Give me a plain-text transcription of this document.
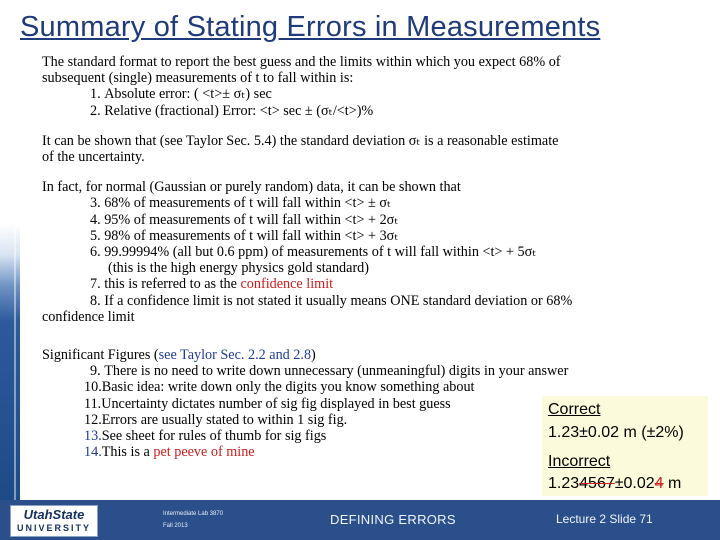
Summary of Stating Errors in Measurements

The standard format to report the best guess and the limits within which you expect 68% of

subsequent (single) measurements of t to fall within is:

1.
Absolute error: ( <t>± σₜ) sec
2.
Relative (fractional) Error: <t> sec ± (σₜ/<t>)%

It can be shown that (see Taylor Sec. 5.4) the standard deviation σₜ is a reasonable estimate

of the uncertainty.

In fact, for normal (Gaussian or purely random) data, it can be shown that

3.
68% of measurements of t will fall within <t> ± σₜ
4.
95% of measurements of t will fall within <t> + 2σₜ
5.
98% of measurements of t will fall within <t> + 3σₜ
6.
99.99994% (all but 0.6 ppm) of measurements of t will fall within <t> + 5σₜ
(this is the high energy physics gold standard)
7.
this is referred to as the confidence limit
8.
If a confidence limit is not stated it usually means ONE standard deviation or 68%

confidence limit

Significant Figures (see Taylor Sec. 2.2 and 2.8)

9.
There is no need to write down unnecessary (unmeaningful) digits in your answer
10. Basic idea: write down only the digits you know something about
11. Uncertainty dictates number of sig fig displayed in best guess
12. Errors are usually stated to within 1 sig fig.
13. See sheet for rules of thumb for sig figs
14. This is a pet peeve of mine
Correct
1.23±0.02 m (±2%)
Incorrect
1.234567±0.024 m
UtahState
UNIVERSITY
Intermediate Lab 3870
Fall 2013	DEFINING ERRORS	Lecture 2 Slide 71
